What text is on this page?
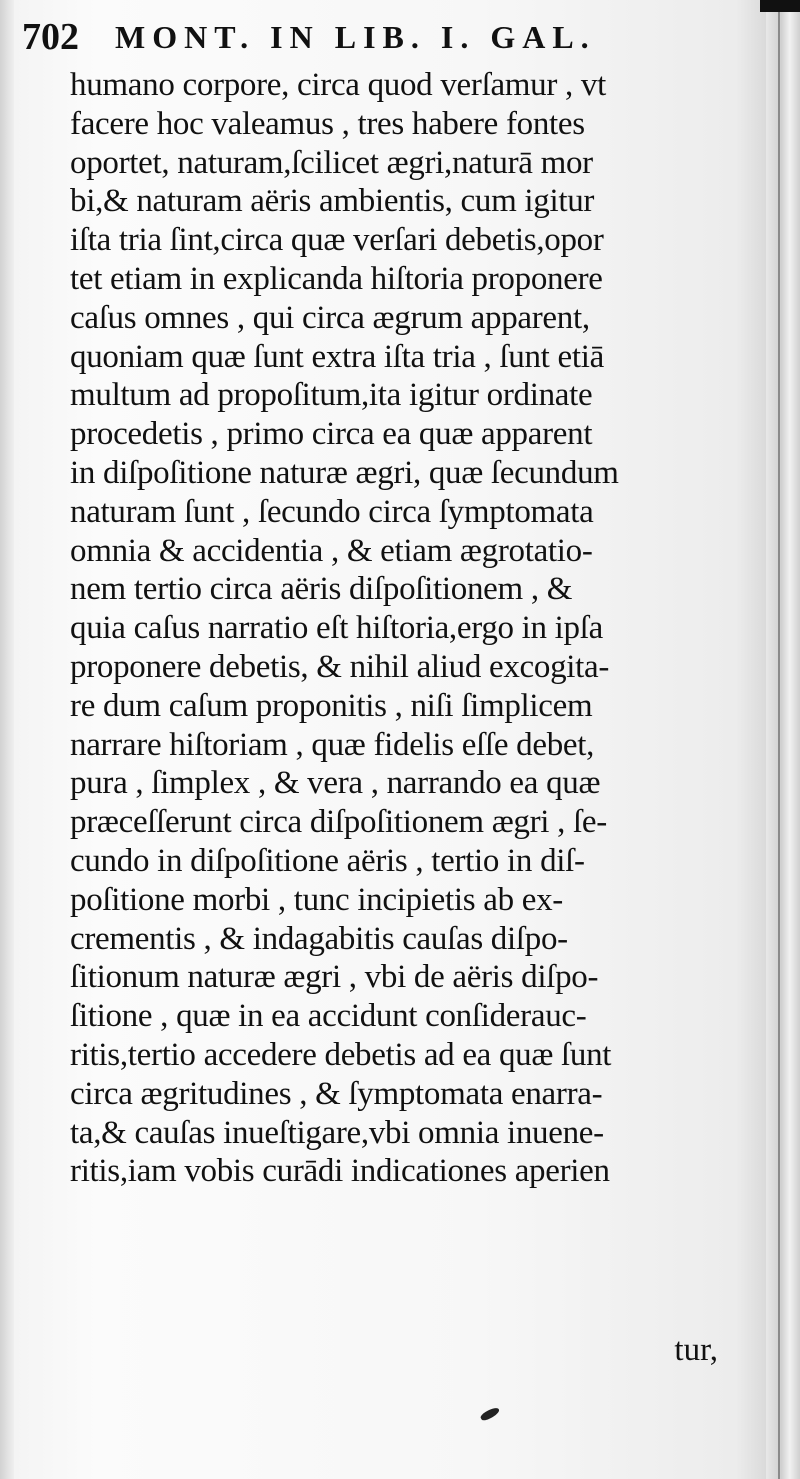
702 MONT. IN LIB. I. GAL.
humano corpore, circa quod verſamur , vt
facere hoc valeamus , tres habere fontes
oportet, naturam,ſcilicet ægri,naturā mor
bi,& naturam aëris ambientis, cum igitur
iſta tria ſint,circa quæ verſari debetis,opor
tet etiam in explicanda hiſtoria proponere
caſus omnes , qui circa ægrum apparent,
quoniam quæ ſunt extra iſta tria , ſunt etiā
multum ad propoſitum,ita igitur ordinate
procedetis , primo circa ea quæ apparent
in diſpoſitione naturæ ægri, quæ ſecundum
naturam ſunt , ſecundo circa ſymptomata
omnia & accidentia , & etiam ægrotatio-
nem tertio circa aëris diſpoſitionem , &
quia caſus narratio eſt hiſtoria,ergo in ipſa
proponere debetis, & nihil aliud excogita-
re dum caſum proponitis , niſi ſimplicem
narrare hiſtoriam , quæ fidelis eſſe debet,
pura , ſimplex , & vera , narrando ea quæ
præceſſerunt circa diſpoſitionem ægri , ſe-
cundo in diſpoſitione aëris , tertio in diſ-
poſitione morbi , tunc incipietis ab ex-
crementis , & indagabitis cauſas diſpo-
ſitionum naturæ ægri , vbi de aëris diſpo-
ſitione , quæ in ea accidunt conſiderauc-
ritis,tertio accedere debetis ad ea quæ ſunt
circa ægritudines , & ſymptomata enarra-
ta,& cauſas inueſtigare,vbi omnia inuene-
ritis,iam vobis curādi indicationes aperien
tur,
